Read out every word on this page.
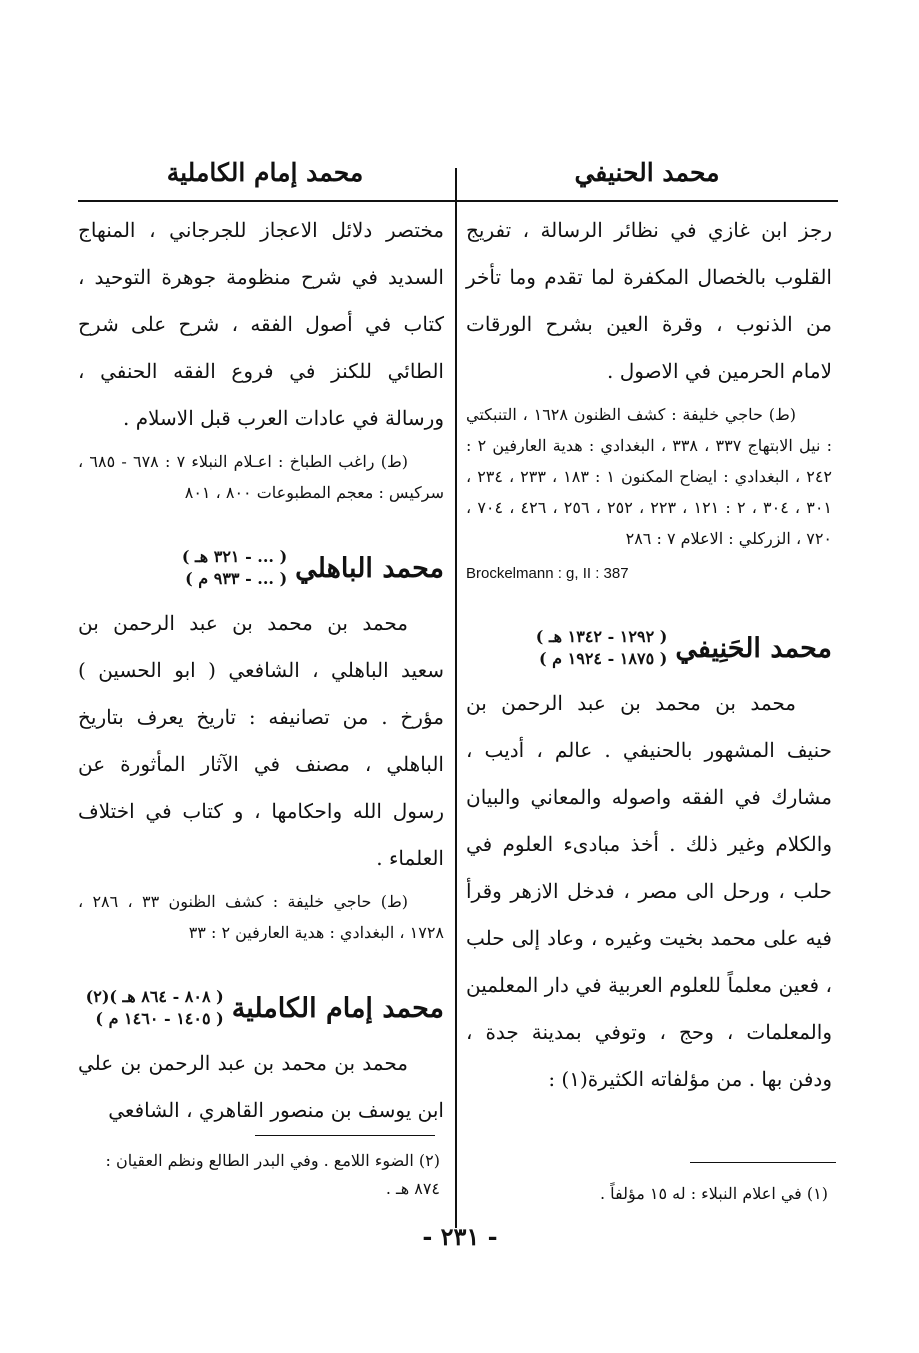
محمد الحنيفي
محمد إمام الكاملية

رجز ابن غازي في نظائر الرسالة ، تفريج القلوب بالخصال المكفرة لما تقدم وما تأخر من الذنوب ، وقرة العين بشرح الورقات لامام الحرمين في الاصول .

(ط) حاجي خليفة : كشف الظنون ١٦٢٨ ، التنبكتي : نيل الابتهاج ٣٣٧ ، ٣٣٨ ، البغدادي : هدية العارفين ٢ : ٢٤٢ ، البغدادي : ايضاح المكنون ١ : ١٨٣ ، ٢٣٣ ، ٢٣٤ ، ٣٠١ ، ٣٠٤ ، ٢ : ١٢١ ، ٢٢٣ ، ٢٥٢ ، ٢٥٦ ، ٤٢٦ ، ٧٠٤ ، ٧٢٠ ، الزركلي : الاعلام ٧ : ٢٨٦

Brockelmann : g, II : 387

محمد الحَنِيفي
( ١٢٩٢ - ١٣٤٢ هـ )
( ١٨٧٥ - ١٩٢٤ م )

محمد بن محمد بن عبد الرحمن بن حنيف المشهور بالحنيفي . عالم ، أديب ، مشارك في الفقه واصوله والمعاني والبيان والكلام وغير ذلك . أخذ مبادىء العلوم في حلب ، ورحل الى مصر ، فدخل الازهر وقرأ فيه على محمد بخيت وغيره ، وعاد إلى حلب ، فعين معلماً للعلوم العربية في دار المعلمين والمعلمات ، وحج ، وتوفي بمدينة جدة ، ودفن بها . من مؤلفاته الكثيرة(١) :

مختصر دلائل الاعجاز للجرجاني ، المنهاج السديد في شرح منظومة جوهرة التوحيد ، كتاب في أصول الفقه ، شرح على شرح الطائي للكنز في فروع الفقه الحنفي ، ورسالة في عادات العرب قبل الاسلام .

(ط) راغب الطباخ : اعـلام النبلاء ٧ : ٦٧٨ - ٦٨٥ ، سركيس : معجم المطبوعات ٨٠٠ ، ٨٠١

محمد الباهلي
( ... - ٣٢١ هـ )
( ... - ٩٣٣ م )

محمد بن محمد بن عبد الرحمن بن سعيد الباهلي ، الشافعي ( ابو الحسين ) مؤرخ . من تصانيفه : تاريخ يعرف بتاريخ الباهلي ، مصنف في الآثار المأثورة عن رسول الله واحكامها ، و كتاب في اختلاف العلماء .

(ط) حاجي خليفة : كشف الظنون ٣٣ ، ٢٨٦ ، ١٧٢٨ ، البغدادي : هدية العارفين ٢ : ٣٣

محمد إمام الكاملية
( ٨٠٨ - ٨٦٤ هـ )(٢)
( ١٤٠٥ - ١٤٦٠ م )

محمد بن محمد بن عبد الرحمن بن علي ابن يوسف بن منصور القاهري ، الشافعي

(١) في اعلام النبلاء : له ١٥ مؤلفاً .
(٢) الضوء اللامع . وفي البدر الطالع ونظم العقيان : ٨٧٤ هـ .
- ٢٣١ -
